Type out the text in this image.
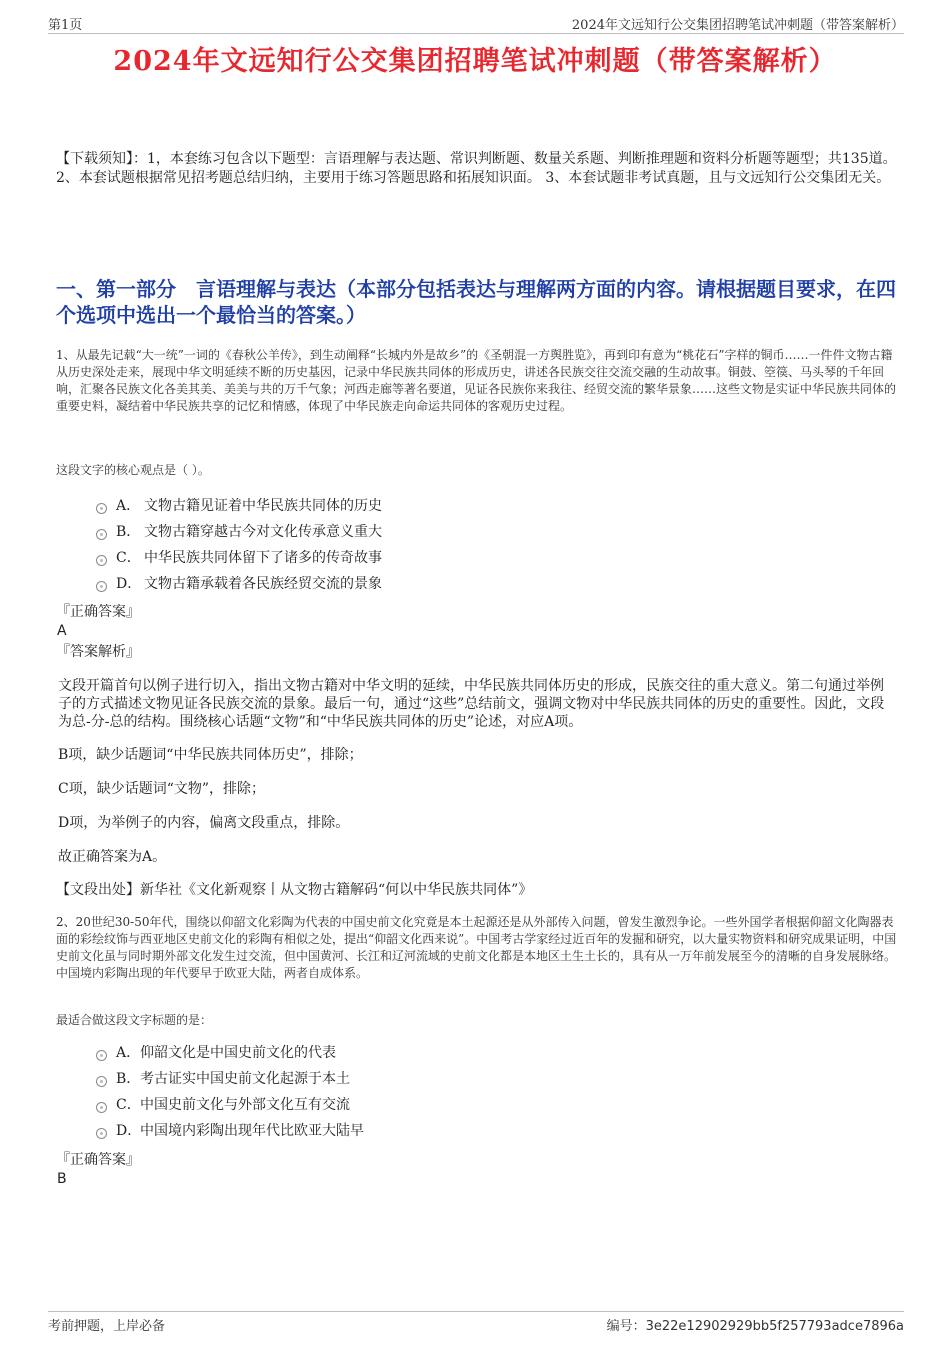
第1页	2024年文远知行公交集团招聘笔试冲刺题（带答案解析）
2024年文远知行公交集团招聘笔试冲刺题（带答案解析）

【下载须知】：1，本套练习包含以下题型：言语理解与表达题、常识判断题、数量关系题、判断推理题和资料分析题等题型；共135道。 2、本套试题根据常见招考题总结归纳，主要用于练习答题思路和拓展知识面。 3、本套试题非考试真题，且与文远知行公交集团无关。

一、第一部分　言语理解与表达（本部分包括表达与理解两方面的内容。请根据题目要求，在四个选项中选出一个最恰当的答案。）

1、从最先记载“大一统”一词的《春秋公羊传》，到生动阐释“长城内外是故乡”的《圣朝混一方舆胜览》，再到印有意为“桃花石”字样的铜币……一件件文物古籍从历史深处走来，展现中华文明延续不断的历史基因，记录中华民族共同体的形成历史，讲述各民族交往交流交融的生动故事。铜鼓、箜篌、马头琴的千年回响，汇聚各民族文化各美其美、美美与共的万千气象；河西走廊等著名要道，见证各民族你来我往、经贸交流的繁华景象……这些文物是实证中华民族共同体的重要史料，凝结着中华民族共享的记忆和情感，体现了中华民族走向命运共同体的客观历史过程。

这段文字的核心观点是（ ）。

A． 文物古籍见证着中华民族共同体的历史
B． 文物古籍穿越古今对文化传承意义重大
C． 中华民族共同体留下了诸多的传奇故事
D． 文物古籍承载着各民族经贸交流的景象
『正确答案』
A
『答案解析』

文段开篇首句以例子进行切入，指出文物古籍对中华文明的延续，中华民族共同体历史的形成，民族交往的重大意义。第二句通过举例子的方式描述文物见证各民族交流的景象。最后一句，通过“这些”总结前文，强调文物对中华民族共同体的历史的重要性。因此，文段为总-分-总的结构。围绕核心话题“文物”和“中华民族共同体的历史”论述，对应A项。

B项，缺少话题词“中华民族共同体历史”，排除；

C项，缺少话题词“文物”，排除；

D项，为举例子的内容，偏离文段重点，排除。

故正确答案为A。

【文段出处】新华社《文化新观察丨从文物古籍解码“何以中华民族共同体”》

2、20世纪30-50年代，围绕以仰韶文化彩陶为代表的中国史前文化究竟是本土起源还是从外部传入问题，曾发生激烈争论。一些外国学者根据仰韶文化陶器表面的彩绘纹饰与西亚地区史前文化的彩陶有相似之处，提出“仰韶文化西来说”。中国考古学家经过近百年的发掘和研究，以大量实物资料和研究成果证明，中国史前文化虽与同时期外部文化发生过交流，但中国黄河、长江和辽河流域的史前文化都是本地区土生土长的，具有从一万年前发展至今的清晰的自身发展脉络。中国境内彩陶出现的年代要早于欧亚大陆，两者自成体系。

最适合做这段文字标题的是：

A． 仰韶文化是中国史前文化的代表
B． 考古证实中国史前文化起源于本土
C． 中国史前文化与外部文化互有交流
D．
中国境内彩陶出现年代比欧亚大陆早
『正确答案』
B
考前押题，上岸必备	编号：3e22e12902929bb5f257793adce7896a
